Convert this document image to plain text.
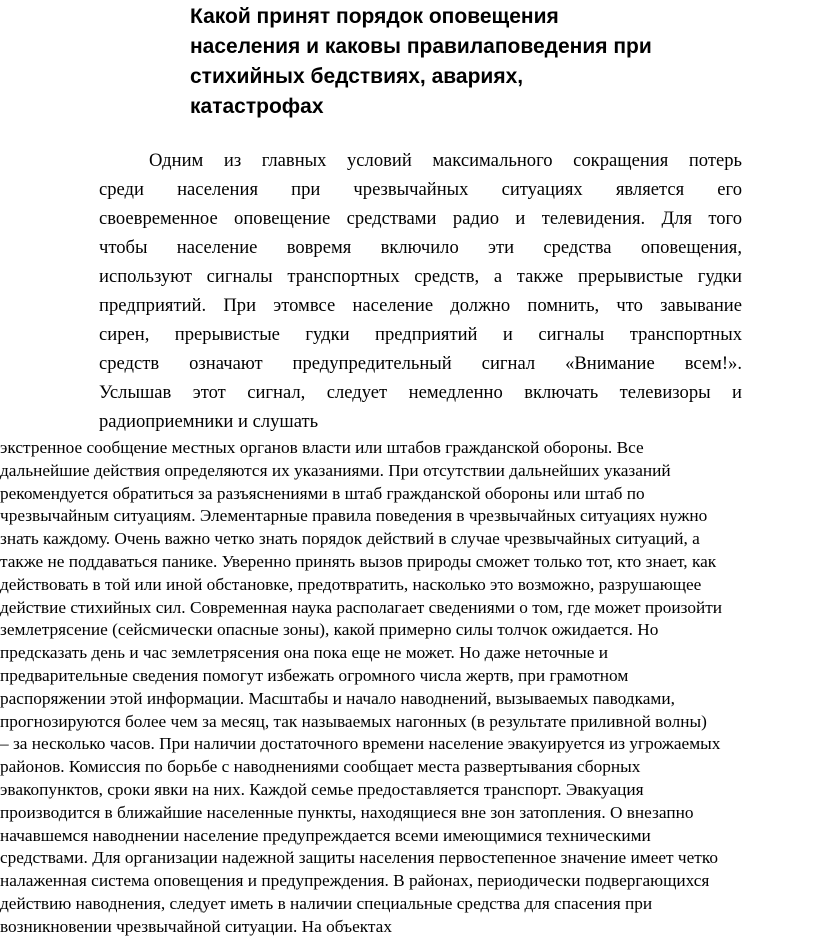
Какой принят порядок оповещения
населения и каковы правилаповедения при
стихийных бедствиях, авариях,
катастрофах

Одним из главных условий максимального сокращения потерь
среди населения при чрезвычайных ситуациях является его
своевременное оповещение средствами радио и телевидения. Для того
чтобы население вовремя включило эти средства оповещения,
используют сигналы транспортных средств, а также прерывистые гудки
предприятий. При этомвсе население должно помнить, что завывание
сирен, прерывистые гудки предприятий и сигналы транспортных
средств означают предупредительный сигнал «Внимание всем!».
Услышав этот сигнал, следует немедленно включать телевизоры и
радиоприемники и слушать

экстренное сообщение местных органов власти или штабов гражданской обороны. Все
дальнейшие действия определяются их указаниями. При отсутствии дальнейших указаний
рекомендуется обратиться за разъяснениями в штаб гражданской обороны или штаб по
чрезвычайным ситуациям. Элементарные правила поведения в чрезвычайных ситуациях нужно
знать каждому. Очень важно четко знать порядок действий в случае чрезвычайных ситуаций, а
также не поддаваться панике. Уверенно принять вызов природы сможет только тот, кто знает, как
действовать в той или иной обстановке, предотвратить, насколько это возможно, разрушающее
действие стихийных сил. Современная наука располагает сведениями о том, где может произойти
землетрясение (сейсмически опасные зоны), какой примерно силы толчок ожидается. Но
предсказать день и час землетрясения она пока еще не может. Но даже неточные и
предварительные сведения помогут избежать огромного числа жертв, при грамотном
распоряжении этой информации. Масштабы и начало наводнений, вызываемых паводками,
прогнозируются более чем за месяц, так называемых нагонных (в результате приливной волны)
– за несколько часов. При наличии достаточного времени население эвакуируется из угрожаемых
районов. Комиссия по борьбе с наводнениями сообщает места развертывания сборных
эвакопунктов, сроки явки на них. Каждой семье предоставляется транспорт. Эвакуация
производится в ближайшие населенные пункты, находящиеся вне зон затопления. О внезапно
начавшемся наводнении население предупреждается всеми имеющимися техническими
средствами. Для организации надежной защиты населения первостепенное значение имеет четко
налаженная система оповещения и предупреждения. В районах, периодически подвергающихся
действию наводнения, следует иметь в наличии специальные средства для спасения при
возникновении чрезвычайной ситуации. На объектах
